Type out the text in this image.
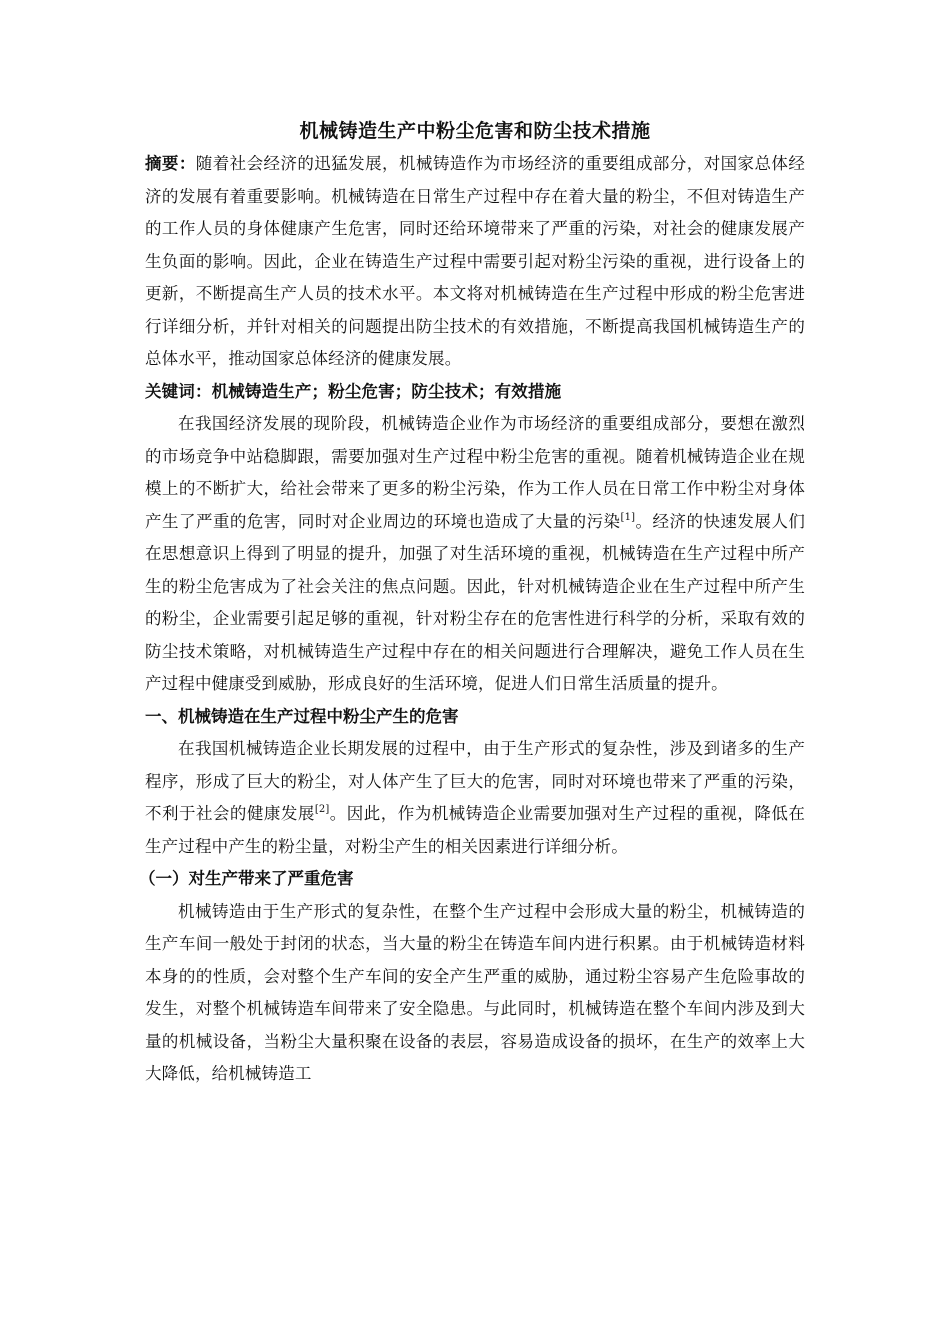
机械铸造生产中粉尘危害和防尘技术措施

摘要：随着社会经济的迅猛发展，机械铸造作为市场经济的重要组成部分，对国家总体经济的发展有着重要影响。机械铸造在日常生产过程中存在着大量的粉尘，不但对铸造生产的工作人员的身体健康产生危害，同时还给环境带来了严重的污染，对社会的健康发展产生负面的影响。因此，企业在铸造生产过程中需要引起对粉尘污染的重视，进行设备上的更新，不断提高生产人员的技术水平。本文将对机械铸造在生产过程中形成的粉尘危害进行详细分析，并针对相关的问题提出防尘技术的有效措施，不断提高我国机械铸造生产的总体水平，推动国家总体经济的健康发展。

关键词：机械铸造生产；粉尘危害；防尘技术；有效措施

在我国经济发展的现阶段，机械铸造企业作为市场经济的重要组成部分，要想在激烈的市场竞争中站稳脚跟，需要加强对生产过程中粉尘危害的重视。随着机械铸造企业在规模上的不断扩大，给社会带来了更多的粉尘污染，作为工作人员在日常工作中粉尘对身体产生了严重的危害，同时对企业周边的环境也造成了大量的污染[1]。经济的快速发展人们在思想意识上得到了明显的提升，加强了对生活环境的重视，机械铸造在生产过程中所产生的粉尘危害成为了社会关注的焦点问题。因此，针对机械铸造企业在生产过程中所产生的粉尘，企业需要引起足够的重视，针对粉尘存在的危害性进行科学的分析，采取有效的防尘技术策略，对机械铸造生产过程中存在的相关问题进行合理解决，避免工作人员在生产过程中健康受到威胁，形成良好的生活环境，促进人们日常生活质量的提升。

一、机械铸造在生产过程中粉尘产生的危害

在我国机械铸造企业长期发展的过程中，由于生产形式的复杂性，涉及到诸多的生产程序，形成了巨大的粉尘，对人体产生了巨大的危害，同时对环境也带来了严重的污染，不利于社会的健康发展[2]。因此，作为机械铸造企业需要加强对生产过程的重视，降低在生产过程中产生的粉尘量，对粉尘产生的相关因素进行详细分析。

（一）对生产带来了严重危害

机械铸造由于生产形式的复杂性，在整个生产过程中会形成大量的粉尘，机械铸造的生产车间一般处于封闭的状态，当大量的粉尘在铸造车间内进行积累。由于机械铸造材料本身的的性质，会对整个生产车间的安全产生严重的威胁，通过粉尘容易产生危险事故的发生，对整个机械铸造车间带来了安全隐患。与此同时，机械铸造在整个车间内涉及到大量的机械设备，当粉尘大量积聚在设备的表层，容易造成设备的损坏，在生产的效率上大大降低，给机械铸造工
